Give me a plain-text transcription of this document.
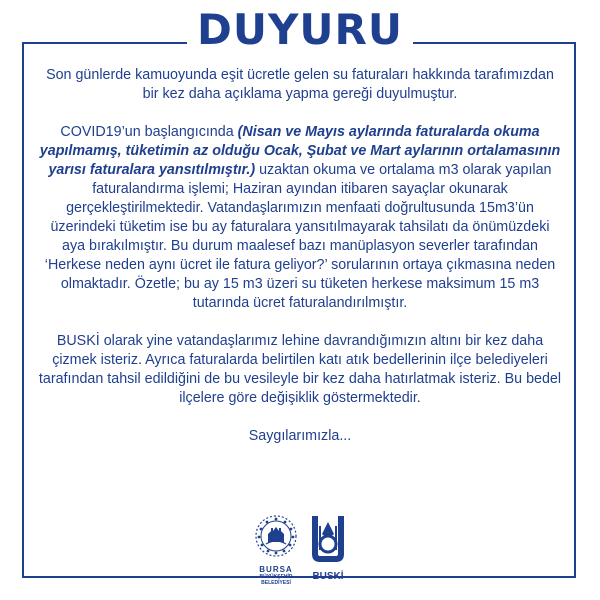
DUYURU

Son günlerde kamuoyunda eşit ücretle gelen su faturaları hakkında tarafımızdan bir kez daha açıklama yapma gereği duyulmuştur.

COVID19’un başlangıcında (Nisan ve Mayıs aylarında faturalarda okuma yapılmamış, tüketimin az olduğu Ocak, Şubat ve Mart aylarının ortalamasının yarısı faturalara yansıtılmıştır.) uzaktan okuma ve ortalama m3 olarak yapılan faturalandırma işlemi; Haziran ayından itibaren sayaçlar okunarak gerçekleştirilmektedir. Vatandaşlarımızın menfaati doğrultusunda 15m3’ün üzerindeki tüketim ise bu ay faturalara yansıtılmayarak tahsilatı da önümüzdeki aya bırakılmıştır. Bu durum maalesef bazı manüplasyon severler tarafından ‘Herkese neden aynı ücret ile fatura geliyor?’ sorularının ortaya çıkmasına neden olmaktadır. Özetle; bu ay 15 m3 üzeri su tüketen herkese maksimum 15 m3 tutarında ücret faturalandırılmıştır.

BUSKİ olarak yine vatandaşlarımız lehine davrandığımızın altını bir kez daha çizmek isteriz. Ayrıca faturalarda belirtilen katı atık bedellerinin ilçe belediyeleri tarafından tahsil edildiğini de bu vesileyle bir kez daha hatırlatmak isteriz. Bu bedel ilçelere göre değişiklik göstermektedir.

Saygılarımızla...

BURSA
BÜYÜKŞEHİR
BELEDİYESİ
BUSKİ
